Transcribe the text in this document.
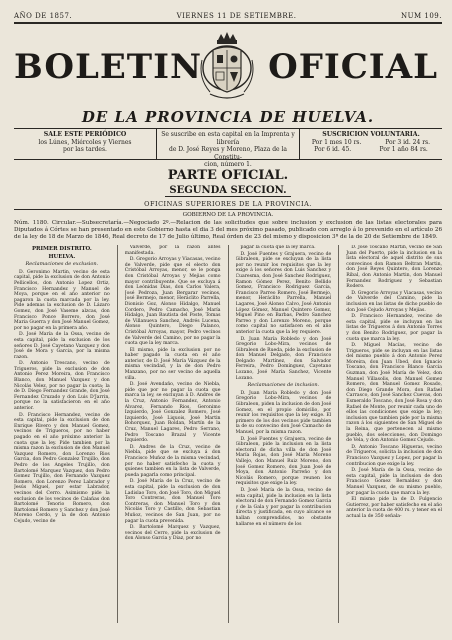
AÑO DE 1857.	VIERNES 11 DE SETIEMBRE.	NUM 109.
BOLETIN OFICIAL
DE LA PROVINCIA DE HUELVA.
SALE ESTE PERIÓDICO
los Lúnes, Miércoles y Viernes
por las tardes.
Se suscribe en esta capital en la Imprenta y librería
de D. José Reyes y Moreno, Plaza de la Constitu-
cion, número 1.
SUSCRICION VOLUNTARIA.
Por 1 mes 10 rs.	Por 3 id. 24 rs.
Por 6 id. 45.	Por 1 año 84 rs.
PARTE OFICIAL.
SEGUNDA SECCION.
OFICINAS SUPERIORES DE LA PROVINCIA.
GOBIERNO DE LA PROVINCIA.
Núm. 1180. Circular.—Subsecretaría.—Negociado 2º.—Relacion de las solicitudes que sobre inclusion y exclusion de las listas electorales para Diputados á Córtes se han presentado en este Gobierno hasta el dia 3 del mes próximo pasado, publicado con arreglo á lo prevenido en el artículo 26 de la ley de 18 de Marzo de 1846, Real decreto de 17 de Julio último, Real órden de 23 del mismo y disposicion 3ª de la de 20 de Setiembre de 1849.
PRIMER DISTRITO.
HUELVA.
Reclamaciones de exclusion.

D. Geronimo Martin, vecino de esta capital, pide la exclusion de don Antonio Pellicellos, don Antonio Lopez Ortiz, Francisco Hernandez y Manuel de Moya, porque en el año anterior no pagaron la cuota marcada por la ley. Pide ademas la exclusion de D. Lázaro Gomez, don José Vaseme alzcas, don Francisco Ponce Borrero, don José Maria Guerra y don José Manuel Gomez, por no pagar en la primera año.

D. José María de la Ossa, vecino de esta capital, pide la exclusion de los señores D. José Cayetano Vazquez y don José de Mora y Garcia, por la misma razon.

D. Antonio Trescano, vecino de Trigueros, pide la exclusion de don Antonio Perez Moreira, don Francisco Blanco, don Manuel Vazquez y don Nicolás Velez, por no pagar la cuota; la de D. Diego Fernandez Grande, don José Fernandez Cruzado y don Luis D'Jarrin, porque no la satisfacieron en el año anterior.

D. Francisco Hernandez, vecino de esta capital, pide la exclusion de don Enrique Rivero y don Manuel Gomez, vecinos de Trigueros, por no haber pagado en el año próximo anterior la cuota que la ley. Pide tambien por la misma razon la exclusion de don Manuel Vazquez Romero, don Lorenzo Rios Garcia, don Pedro Gonzalez Trujillo, don Pedro de los Angeles Trujillo, don Bartolomé Marquez Vazquez, don Pedro Gomez Trujillo, don Fernando Vazquez Romero, don Lorenzo Perez Labrador y Jesús Miguel, por estar Labrador, vecinos del Cerro. Asimismo pide la exclusion de los vecinos de Calañas don Bartolomé Tenorio Romero, don Bartolomé Romero y Sanchez y don José Moreno Cerdo, y la de don Antonio Cejudo, vecino de

Valverde, por la razon antes manifestada.

D. Gregorio Arroyas y Viacasas, vecino de Valverde, pide que el electo don Cristóbal Arroyas, menor, se le ponga don Cristóbal Arroyas y Mejias como mayor contribuyente. Que se excluya á don Leónidas Dias, don Carlos Valera, José Pedroza, Juan Bergarar vecinos, José Bermejo, menor, Heráclito Parrella, Dionisio Goz, Alonso Hidalgo, Manuel Cordero, Pedro Camacho, José María Hidalgo, Juan Bautista del Poste, Tomas de Villanueva Sanchez, Andrés Lucena, Alonso Quintero, Diego Palanco, Cristóbal Arroyas, mayor, Pedro vecinos de Valverde del Camino, por no pagar la cuota que la ley marca.

El mismo, pide la exclusion por no haber pagado la cuota en el año anterior, de D. José María Vázquez de la misma vecindad, y la de don Pedro Manzano, por no ser vecino de aquella villa.

D. José Avendaño, vecino de Niebla, pide que por no pagar la cuota que marca la ley, se excluyan á D. Andres de la Cruz, Antonio Fernandez, Antonio Alvarez, Fernando Rios, Geronimo Izquierdo, José Gonzalez Romero, José Izquierdo, José Liquois, José Martin Bohorquez, Juan Roldan, Martín de la Cruz, Manuel Lagares, Pedro Serrano, Pedro Toscano Brazal y Vicente Izquierdo.

D. Andres de la Cruz, vecino de Niebla, pide que se excluya á don Francisco Muñoz de la misma vecindad, por no haber satisfecho la cuota y quienes tambien en la lista de Valverde, pueda pagarla como principal.

D. José María de la Cruz, vecino de esta capital, pide la exclusion de don Ladislao Toro, don José Toro, don Miguel Toro Contreras, don Manuel Toro Contreras, don Manuel Toro y don Nicolás Toro y Castillo, don Sebastian Muñoz, vecinos de San Juan, por no pagar la cuota prevenida.

D. Bartolomé Marquez y Vazquez, vecinos del Cerro, pide la exclusion de don Alonso Garcia y Diaz, por no

pagar la cuota que la ley marca.

D. José Fuentes y Grajuera, vecino de Gibraleon, pide se excluyan de la lista por no reunir los requisitos que la ley exige á los señores don Luis Sanchez y Cuaresma, don José Sanchez Rodriguez, Ramon Gómez Perez, Benito Bellido Gomez, Francisco Rodriguez Garcia, Francisco Parreo Romero, José Bermejo, menor, Heráclito Parrella, Manuel Lagares, José Alonso Calvo, José Antonio López Gómez, Manuel Quintero Gomez, Miguel Pino en Barbas, Pedro Sanchez Parreo y don Lorenzo Moreno, porque como capital no satisfacen en el año anterior la cuota que la ley requiere.

D. Juan María Robledo y don José Gregorio Lobo-Mira, vecinos de Gibraleon de Rueda, pide la exclusion de don Manuel Delgado, don Francisco Delgado Martínez, don Salvador Ferreira, Pedro Domínguez, Cayetano Lozano, José María Sanchez, Vicente Lozano.

Reclamaciones de inclusion.

D. Juan María Robledo y don José Gregorio Lobo-Mira, vecinos de Gibraleon, piden la inclusion de don José Gomez, en el propio domicilio, por reunir los requisitos que la ley exige. El primero de los dos vecinos pide tambien la de su convecino don José Camacho de Manuel, por la misma razon.

D. José Fuentes y Grajuera, vecino de Gibraleon, pide la inclusion en la lista electoral de dicha villa de don José María Rojas, don José María Moreno Vallejo, don Manuel Ruiz Moreno, don José Gomez Romero, don Juan José de Moya, don Antonio Parreño y don Nicolás Romero, porque reunen los requisitos que exige la ley.

D. José María de la Ossa, vecino de esta capital, pide la inclusion en la lista electoral de don Fernando Gomez Garcia y de la Gala y por pagar la contribucion directa y justificada, en cuyo alcance se hallan comprendidos, no obstante hallarse en el número de los

D. José Toscano Martin, vecino de San Juan del Puerto, pide la inclusion en la lista electoral de aquel distrito de sus convecinos don Ramon Beltran Martin, don José Reyes Quintero, don Lorenzo Ribal, don Antonio Martin, don Manuel Fernandez Rodriguez y Sebastian Rodero.

D. Gregorio Arroyas y Viacasas, vecino de Valverde del Camino, pide la inclusion en las listas de dicho pueblo de don José Cejudo Arroyas y Mejías.

D. Francisco Hernandez, vecino de esta capital, pide se incluyan en las listas de Trigueros á don Antonio Torres y don Benito Rodriguez, por pagar la cuota que marca la ley.

D. Miguel Macías, vecino de Trigueros, pide se incluyan en las listas del mismo pueblo á don Antonio Perez Moreira, don Juan Ubed, don Ignacio Toscano, don Francisco Blanco Garcia Guzman, don José María de Velez, don Manuel Villasolis, don Manuel Gomez Romero, don Manuel Gomez Rosado, don Diego Grande Mora, don Rafael Carrasco, don José Sanchez Cuevas, don Esmeraldo Toscano, don José Rosa y don Rafael de Monte, por reunir cada uno de ellos las condiciones que exige la ley; inclusion que tambien pide por la misma razon á los siguientes de San Miguel de la Reina, que pertenecen al mismo pueblo, dos selecciones, don Domingo de Vela, y don Antonio Gomez Cejudo.

D. Antonio Toscano Higueras, vecino de Trigueros, solicita la inclusion de don Francisco Vazquez y Lopez, por pagar la contribucion que exige la ley.

D. José María de la Ossa, vecino de esta capital, pide la inclusion de don Francisco Gomez Bernaldez y don Manuel Vazquez, de su mismo pueblo, por pagar la cuota que marca la ley.

El mismo pide la de D. Fulgencio Gutierrez, por haber satisfecho en el año anterior la cuota de 400 rs. y tener en el actual la de 350 señala-
